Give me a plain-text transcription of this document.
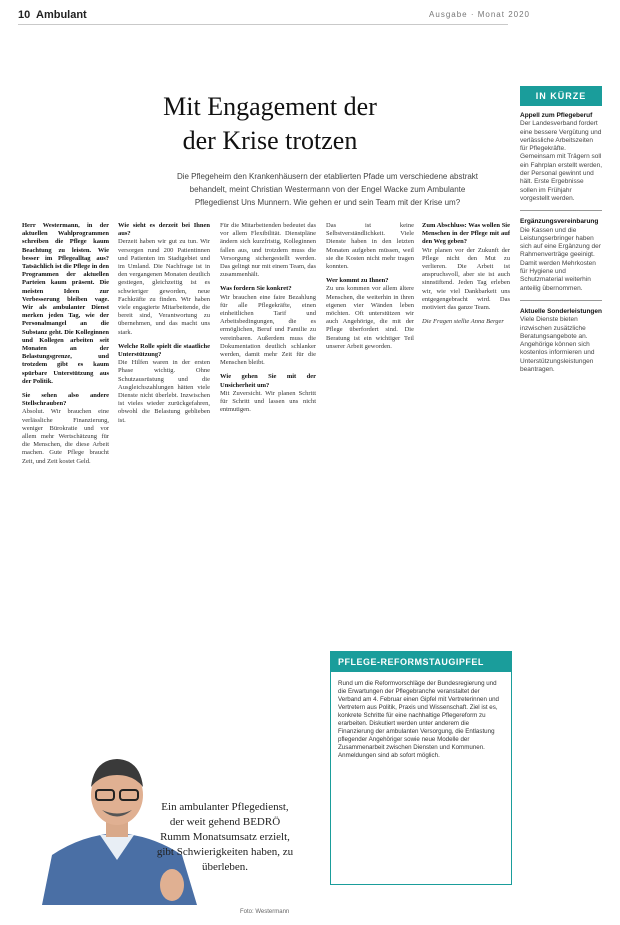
10 Ambulant	Ausgabe · Monat 2020
Mit Engagement der
der Krise trotzen
Die Pflegeheim den Krankenhäusern der etablierten Pfade um verschiedene abstrakt behandelt, meint Christian Westermann von der Engel Wacke zum Ambulante Pflegedienst Uns Munnern. Wie gehen er und sein Team mit der Krise um?
Herr Westermann, in der aktuellen Wahlprogrammen schreiben die Pflege kaum Beachtung zu leisten. Wie besser im Pflegealltag aus? Tatsächlich ist die Pflege in den Programmen der aktuellen Parteien kaum präsent. Die meisten Ideen zur Verbesserung bleiben vage. Wir als ambulanter Dienst merken jeden Tag, wie der Personalmangel an die Substanz geht. Die Kolleginnen und Kollegen arbeiten seit Monaten an der Belastungsgrenze, und trotzdem gibt es kaum spürbare Unterstützung aus der Politik.
Sie sehen also andere Stellschrauben?
Absolut. Wir brauchen eine verlässliche Finanzierung, weniger Bürokratie und vor allem mehr Wertschätzung für die Menschen, die diese Arbeit machen. Gute Pflege braucht Zeit, und Zeit kostet Geld.
Wie sieht es derzeit bei Ihnen aus?
Derzeit haben wir gut zu tun. Wir versorgen rund 200 Patientinnen und Patienten im Stadtgebiet und im Umland. Die Nachfrage ist in den vergangenen Monaten deutlich gestiegen, gleichzeitig ist es schwieriger geworden, neue Fachkräfte zu finden. Wir haben viele engagierte Mitarbeitende, die bereit sind, Verantwortung zu übernehmen, und das macht uns stark.
Welche Rolle spielt die staatliche Unterstützung?
Die Hilfen waren in der ersten Phase wichtig. Ohne Schutzausrüstung und die Ausgleichszahlungen hätten viele Dienste nicht überlebt. Inzwischen ist vieles wieder zurückgefahren, obwohl die Belastung geblieben ist.
Für die Mitarbeitenden bedeutet das vor allem Flexibilität. Dienstpläne ändern sich kurzfristig, Kolleginnen fallen aus, und trotzdem muss die Versorgung sichergestellt werden. Das gelingt nur mit einem Team, das zusammenhält.
Was fordern Sie konkret?
Wir brauchen eine faire Bezahlung für alle Pflegekräfte, einen einheitlichen Tarif und Arbeitsbedingungen, die es ermöglichen, Beruf und Familie zu vereinbaren. Außerdem muss die Dokumentation deutlich schlanker werden, damit mehr Zeit für die Menschen bleibt.
Wie gehen Sie mit der Unsicherheit um?
Mit Zuversicht. Wir planen Schritt für Schritt und lassen uns nicht entmutigen.
Das ist keine Selbstverständlichkeit. Viele Dienste haben in den letzten Monaten aufgeben müssen, weil sie die Kosten nicht mehr tragen konnten.
Wer kommt zu Ihnen?
Zu uns kommen vor allem ältere Menschen, die weiterhin in ihren eigenen vier Wänden leben möchten. Oft unterstützen wir auch Angehörige, die mit der Pflege überfordert sind. Die Beratung ist ein wichtiger Teil unserer Arbeit geworden.
Zum Abschluss: Was wollen Sie Menschen in der Pflege mit auf den Weg geben?
Wir planen vor der Zukunft der Pflege nicht den Mut zu verlieren. Die Arbeit ist anspruchsvoll, aber sie ist auch sinnstiftend. Jeden Tag erleben wir, wie viel Dankbarkeit uns entgegengebracht wird. Das motiviert das ganze Team.
Die Fragen stellte Anna Berger
Ein ambulanter Pflegedienst, der weit gehend BEDRÖ Rumm Monatsumsatz erzielt, gibt Schwierigkeiten haben, zu überleben.
Foto: Westermann
PFLEGE-REFORMSTAUGIPFEL
Rund um die Reformvorschläge der Bundesregierung und die Erwartungen der Pflegebranche veranstaltet der Verband am 4. Februar einen Gipfel mit Vertreterinnen und Vertretern aus Politik, Praxis und Wissenschaft. Ziel ist es, konkrete Schritte für eine nachhaltige Pflegereform zu erarbeiten. Diskutiert werden unter anderem die Finanzierung der ambulanten Versorgung, die Entlastung pflegender Angehöriger sowie neue Modelle der Zusammenarbeit zwischen Diensten und Kommunen. Anmeldungen sind ab sofort möglich.
IN KÜRZE
Appell zum Pflegeberuf
Der Landesverband fordert eine bessere Vergütung und verlässliche Arbeitszeiten für Pflegekräfte. Gemeinsam mit Trägern soll ein Fahrplan erstellt werden, der Personal gewinnt und hält. Erste Ergebnisse sollen im Frühjahr vorgestellt werden.
Ergänzungsvereinbarung
Die Kassen und die Leistungserbringer haben sich auf eine Ergänzung der Rahmenverträge geeinigt. Damit werden Mehrkosten für Hygiene und Schutzmaterial weiterhin anteilig übernommen.
Aktuelle Sonderleistungen
Viele Dienste bieten inzwischen zusätzliche Beratungsangebote an. Angehörige können sich kostenlos informieren und Unterstützungsleistungen beantragen.
